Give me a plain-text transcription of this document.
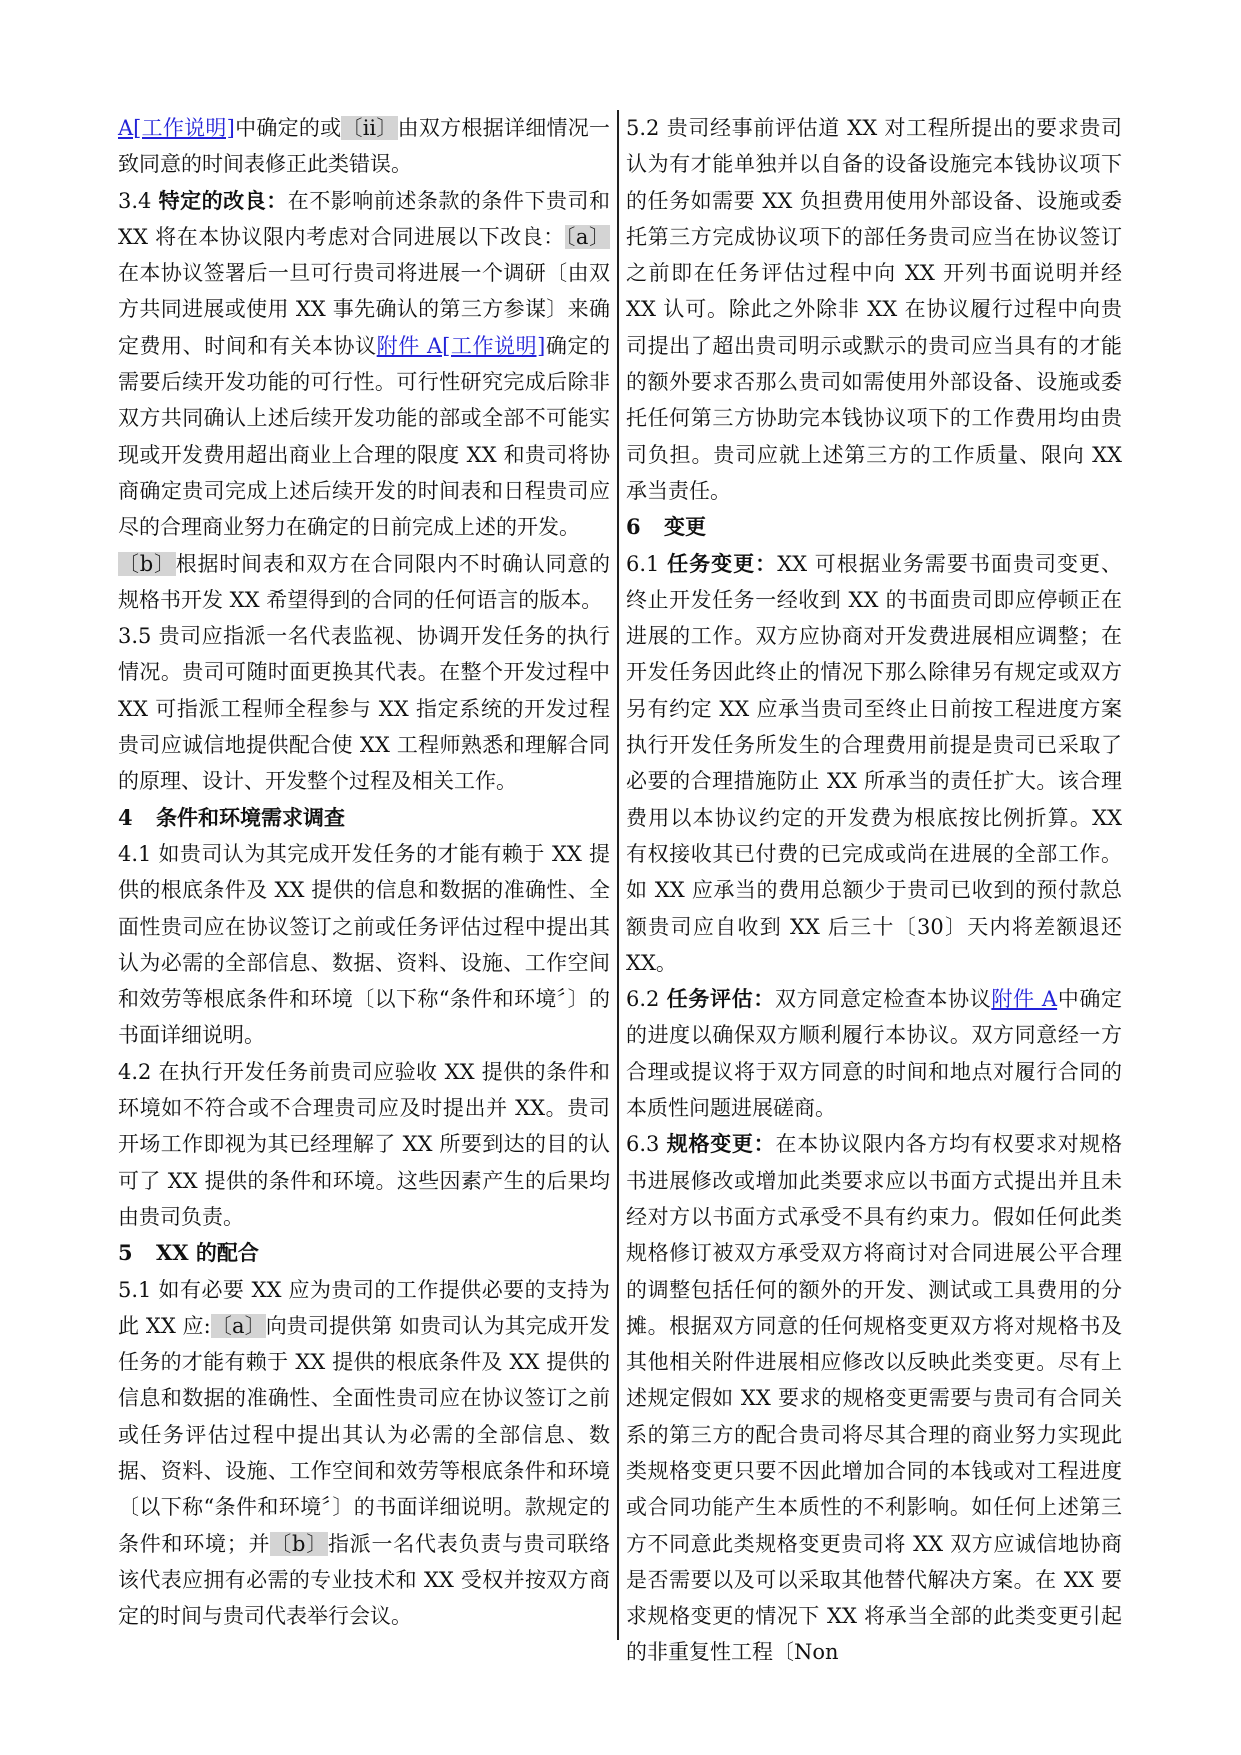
A[工作说明]中确定的或〔ii〕由双方根据详细情况一致同意的时间表修正此类错误。

3.4 特定的改良：在不影响前述条款的条件下贵司和 XX 将在本协议限内考虑对合同进展以下改良：〔a〕在本协议签署后一旦可行贵司将进展一个调研〔由双方共同进展或使用 XX 事先确认的第三方参谋〕来确定费用、时间和有关本协议附件 A[工作说明]确定的需要后续开发功能的可行性。可行性研究完成后除非双方共同确认上述后续开发功能的部或全部不可能实现或开发费用超出商业上合理的限度 XX 和贵司将协商确定贵司完成上述后续开发的时间表和日程贵司应尽的合理商业努力在确定的日前完成上述的开发。

〔b〕根据时间表和双方在合同限内不时确认同意的规格书开发 XX 希望得到的合同的任何语言的版本。

3.5 贵司应指派一名代表监视、协调开发任务的执行情况。贵司可随时面更换其代表。在整个开发过程中 XX 可指派工程师全程参与 XX 指定系统的开发过程贵司应诚信地提供配合使 XX 工程师熟悉和理解合同的原理、设计、开发整个过程及相关工作。

4 条件和环境需求调查

4.1 如贵司认为其完成开发任务的才能有赖于 XX 提供的根底条件及 XX 提供的信息和数据的准确性、全面性贵司应在协议签订之前或任务评估过程中提出其认为必需的全部信息、数据、资料、设施、工作空间和效劳等根底条件和环境〔以下称“条件和环境〞〕的书面详细说明。

4.2 在执行开发任务前贵司应验收 XX 提供的条件和环境如不符合或不合理贵司应及时提出并 XX。贵司开场工作即视为其已经理解了 XX 所要到达的目的认可了 XX 提供的条件和环境。这些因素产生的后果均由贵司负责。

5 XX 的配合

5.1 如有必要 XX 应为贵司的工作提供必要的支持为此 XX 应:〔a〕向贵司提供第 如贵司认为其完成开发任务的才能有赖于 XX 提供的根底条件及 XX 提供的信息和数据的准确性、全面性贵司应在协议签订之前或任务评估过程中提出其认为必需的全部信息、数据、资料、设施、工作空间和效劳等根底条件和环境〔以下称“条件和环境〞〕的书面详细说明。款规定的条件和环境；并〔b〕指派一名代表负责与贵司联络该代表应拥有必需的专业技术和 XX 受权并按双方商定的时间与贵司代表举行会议。

5.2 贵司经事前评估道 XX 对工程所提出的要求贵司认为有才能单独并以自备的设备设施完本钱协议项下的任务如需要 XX 负担费用使用外部设备、设施或委托第三方完成协议项下的部任务贵司应当在协议签订之前即在任务评估过程中向 XX 开列书面说明并经 XX 认可。除此之外除非 XX 在协议履行过程中向贵司提出了超出贵司明示或默示的贵司应当具有的才能的额外要求否那么贵司如需使用外部设备、设施或委托任何第三方协助完本钱协议项下的工作费用均由贵司负担。贵司应就上述第三方的工作质量、限向 XX 承当责任。

6 变更

6.1 任务变更：XX 可根据业务需要书面贵司变更、终止开发任务一经收到 XX 的书面贵司即应停顿正在进展的工作。双方应协商对开发费进展相应调整；在开发任务因此终止的情况下那么除律另有规定或双方另有约定 XX 应承当贵司至终止日前按工程进度方案执行开发任务所发生的合理费用前提是贵司已采取了必要的合理措施防止 XX 所承当的责任扩大。该合理费用以本协议约定的开发费为根底按比例折算。XX 有权接收其已付费的已完成或尚在进展的全部工作。如 XX 应承当的费用总额少于贵司已收到的预付款总额贵司应自收到 XX 后三十〔30〕天内将差额退还 XX。

6.2 任务评估：双方同意定检查本协议附件 A中确定的进度以确保双方顺利履行本协议。双方同意经一方合理或提议将于双方同意的时间和地点对履行合同的本质性问题进展磋商。

6.3 规格变更：在本协议限内各方均有权要求对规格书进展修改或增加此类要求应以书面方式提出并且未经对方以书面方式承受不具有约束力。假如任何此类规格修订被双方承受双方将商讨对合同进展公平合理的调整包括任何的额外的开发、测试或工具费用的分摊。根据双方同意的任何规格变更双方将对规格书及其他相关附件进展相应修改以反映此类变更。尽有上述规定假如 XX 要求的规格变更需要与贵司有合同关系的第三方的配合贵司将尽其合理的商业努力实现此类规格变更只要不因此增加合同的本钱或对工程进度或合同功能产生本质性的不利影响。如任何上述第三方不同意此类规格变更贵司将 XX 双方应诚信地协商是否需要以及可以采取其他替代解决方案。在 XX 要求规格变更的情况下 XX 将承当全部的此类变更引起的非重复性工程〔Non
